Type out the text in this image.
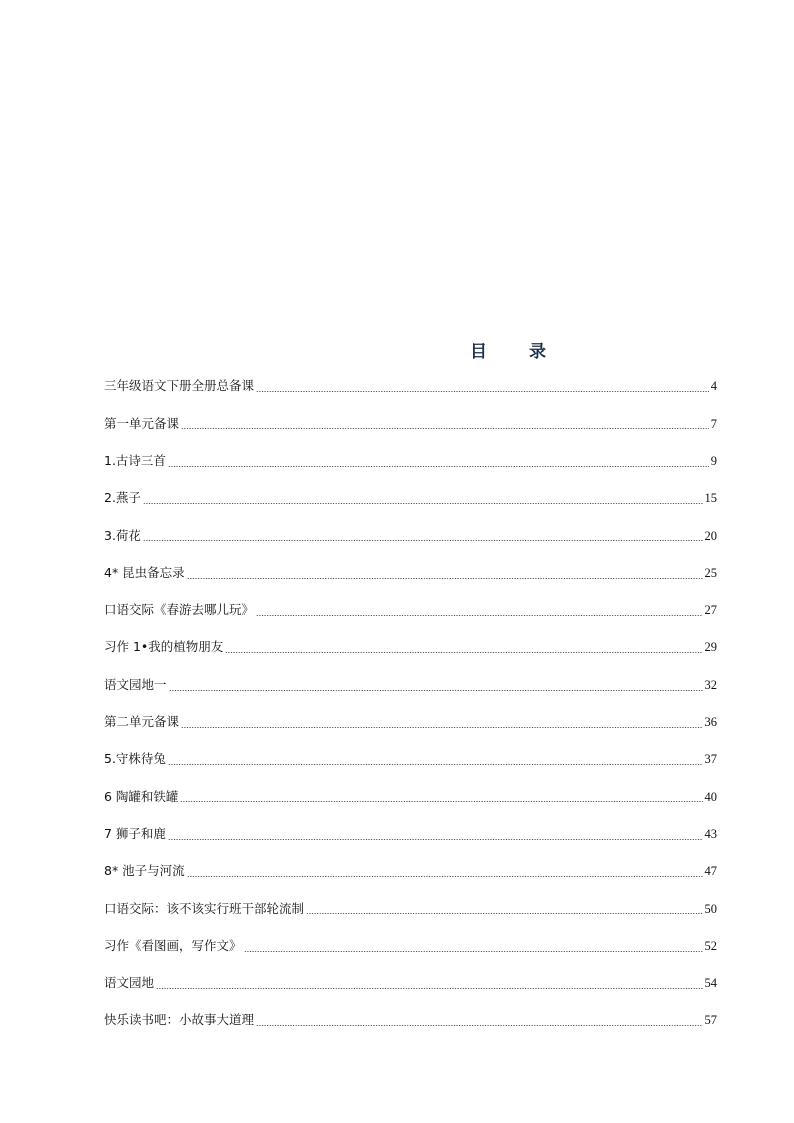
目 录
三年级语文下册全册总备课	4
第一单元备课	7
1.古诗三首	9
2.燕子	15
3.荷花	20
4* 昆虫备忘录	25
口语交际《春游去哪儿玩》	27
习作 1•我的植物朋友	29
语文园地一	32
第二单元备课	36
5.守株待兔	37
6 陶罐和铁罐	40
7 狮子和鹿	43
8* 池子与河流	47
口语交际：该不该实行班干部轮流制	50
习作《看图画，写作文》	52
语文园地	54
快乐读书吧：小故事大道理	57
